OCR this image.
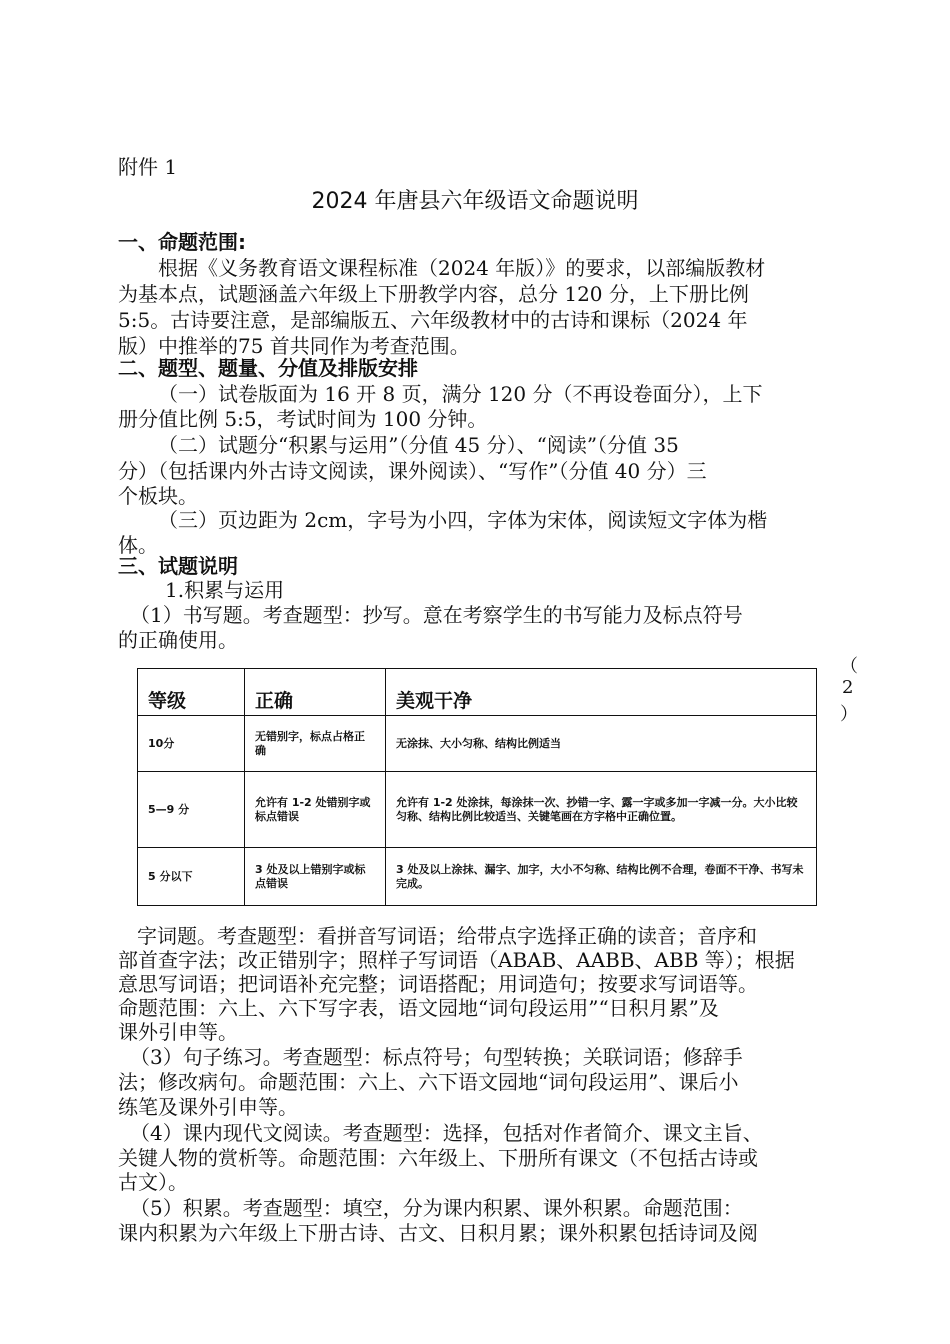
附件 1
2024 年唐县六年级语文命题说明
一、命题范围:
根据《义务教育语文课程标准（2024 年版）》的要求，以部编版教材
为基本点，试题涵盖六年级上下册教学内容，总分 120 分，上下册比例
5:5。古诗要注意，是部编版五、六年级教材中的古诗和课标（2024 年
版）中推举的75 首共同作为考查范围。
二、题型、题量、分值及排版安排
（一）试卷版面为 16 开 8 页，满分 120 分（不再设卷面分），上下
册分值比例 5:5，考试时间为 100 分钟。
（二）试题分“积累与运用”（分值 45 分）、“阅读”（分值 35
分）（包括课内外古诗文阅读，课外阅读）、“写作”（分值 40 分）三
个板块。
（三）页边距为 2cm，字号为小四，字体为宋体，阅读短文字体为楷
体。
三、试题说明
1.积累与运用
（1）书写题。考查题型：抄写。意在考察学生的书写能力及标点符号
的正确使用。
（
2
）
等级	正确	美观干净
10分	无错别字，标点占格正确	无涂抹、大小匀称、结构比例适当
5—9 分	允许有 1-2 处错别字或标点错误	允许有 1-2 处涂抹，每涂抹一次、抄错一字、露一字或多加一字减一分。大小比较匀称、结构比例比较适当、关键笔画在方字格中正确位置。
5 分以下	3 处及以上错别字或标点错误	3 处及以上涂抹、漏字、加字，大小不匀称、结构比例不合理，卷面不干净、书写未完成。
字词题。考查题型：看拼音写词语；给带点字选择正确的读音；音序和
部首查字法；改正错别字；照样子写词语（ABAB、AABB、ABB 等）；根据
意思写词语；把词语补充完整；词语搭配；用词造句；按要求写词语等。
命题范围：六上、六下写字表，语文园地“词句段运用”“日积月累”及
课外引申等。
（3）句子练习。考查题型：标点符号；句型转换；关联词语；修辞手
法；修改病句。命题范围：六上、六下语文园地“词句段运用”、课后小
练笔及课外引申等。
（4）课内现代文阅读。考查题型：选择，包括对作者简介、课文主旨、
关键人物的赏析等。命题范围：六年级上、下册所有课文（不包括古诗或
古文）。
（5）积累。考查题型：填空，分为课内积累、课外积累。命题范围：
课内积累为六年级上下册古诗、古文、日积月累；课外积累包括诗词及阅
